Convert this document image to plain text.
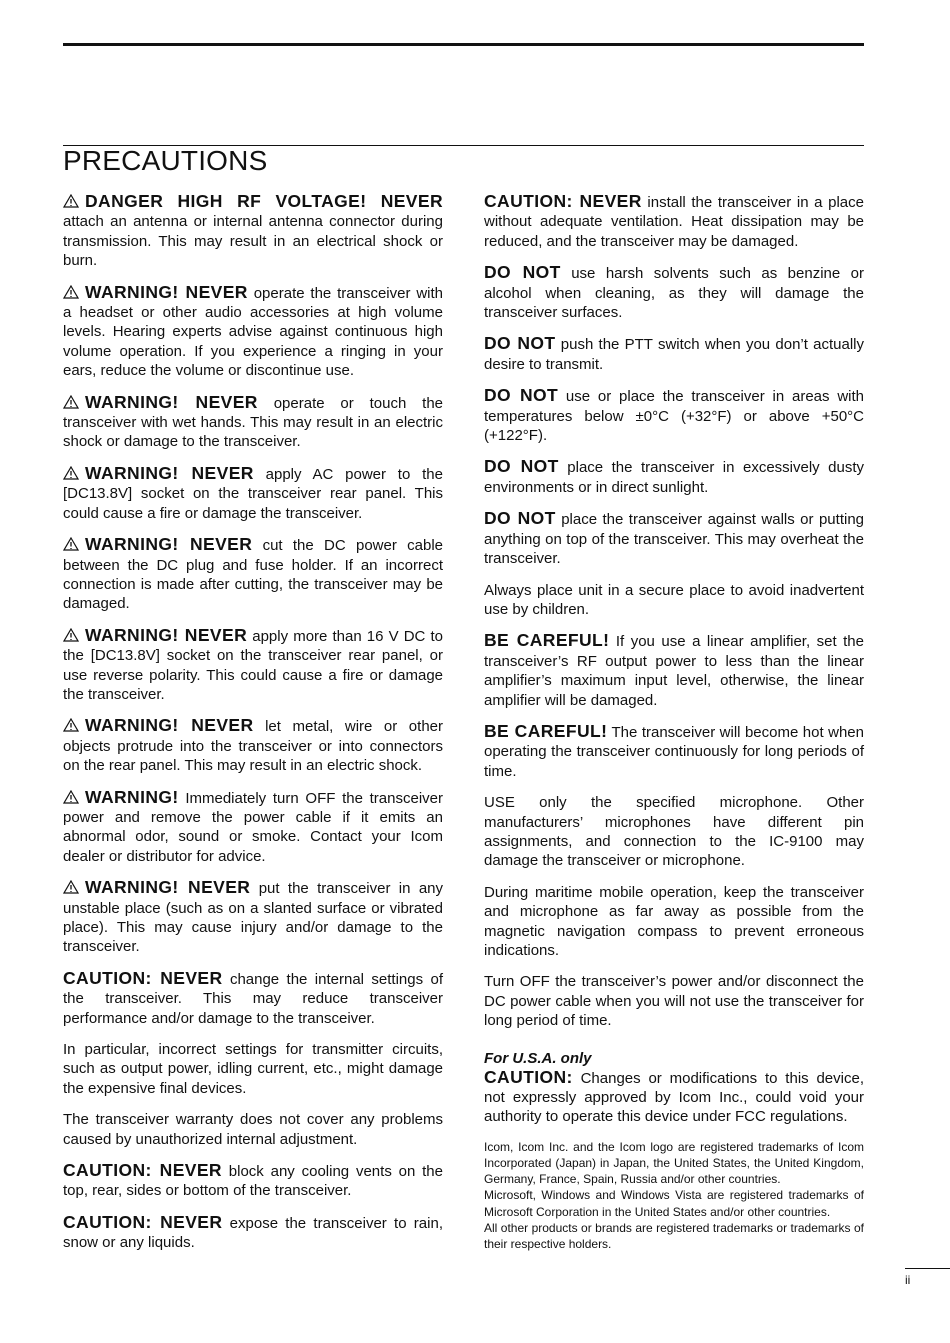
PRECAUTIONS

DANGER HIGH RF VOLTAGE! NEVER attach an antenna or internal antenna connector during transmission. This may result in an electrical shock or burn.

WARNING! NEVER operate the transceiver with a headset or other audio accessories at high volume levels. Hearing experts advise against continuous high volume operation. If you experience a ringing in your ears, reduce the volume or discontinue use.

WARNING! NEVER operate or touch the transceiver with wet hands. This may result in an electric shock or damage to the transceiver.

WARNING! NEVER apply AC power to the [DC13.8V] socket on the transceiver rear panel. This could cause a fire or damage the transceiver.

WARNING! NEVER cut the DC power cable between the DC plug and fuse holder. If an incorrect connection is made after cutting, the transceiver may be damaged.

WARNING! NEVER apply more than 16 V DC to the [DC13.8V] socket on the transceiver rear panel, or use reverse polarity. This could cause a fire or damage the transceiver.

WARNING! NEVER let metal, wire or other objects protrude into the transceiver or into connectors on the rear panel. This may result in an electric shock.

WARNING! Immediately turn OFF the transceiver power and remove the power cable if it emits an abnormal odor, sound or smoke. Contact your Icom dealer or distributor for advice.

WARNING! NEVER put the transceiver in any unstable place (such as on a slanted surface or vibrated place). This may cause injury and/or damage to the transceiver.

CAUTION: NEVER change the internal settings of the transceiver. This may reduce transceiver performance and/or damage to the transceiver.

In particular, incorrect settings for transmitter circuits, such as output power, idling current, etc., might damage the expensive final devices.

The transceiver warranty does not cover any problems caused by unauthorized internal adjustment.

CAUTION: NEVER block any cooling vents on the top, rear, sides or bottom of the transceiver.

CAUTION: NEVER expose the transceiver to rain, snow or any liquids.

CAUTION: NEVER install the transceiver in a place without adequate ventilation. Heat dissipation may be reduced, and the transceiver may be damaged.

DO NOT use harsh solvents such as benzine or alcohol when cleaning, as they will damage the transceiver surfaces.

DO NOT push the PTT switch when you don’t actually desire to transmit.

DO NOT use or place the transceiver in areas with temperatures below ±0°C (+32°F) or above +50°C (+122°F).

DO NOT place the transceiver in excessively dusty environments or in direct sunlight.

DO NOT place the transceiver against walls or putting anything on top of the transceiver. This may overheat the transceiver.

Always place unit in a secure place to avoid inadvertent use by children.

BE CAREFUL! If you use a linear amplifier, set the transceiver’s RF output power to less than the linear amplifier’s maximum input level, otherwise, the linear amplifier will be damaged.

BE CAREFUL! The transceiver will become hot when operating the transceiver continuously for long periods of time.

USE only the specified microphone. Other manufacturers’ microphones have different pin assignments, and connection to the IC-9100 may damage the transceiver or microphone.

During maritime mobile operation, keep the transceiver and microphone as far away as possible from the magnetic navigation compass to prevent erroneous indications.

Turn OFF the transceiver’s power and/or disconnect the DC power cable when you will not use the transceiver for long period of time.

For U.S.A. only

CAUTION: Changes or modifications to this device, not expressly approved by Icom Inc., could void your authority to operate this device under FCC regulations.

Icom, Icom Inc. and the Icom logo are registered trademarks of Icom Incorporated (Japan) in Japan, the United States, the United Kingdom, Germany, France, Spain, Russia and/or other countries.

Microsoft, Windows and Windows Vista are registered trademarks of Microsoft Corporation in the United States and/or other countries.

All other products or brands are registered trademarks or trademarks of their respective holders.

ii
